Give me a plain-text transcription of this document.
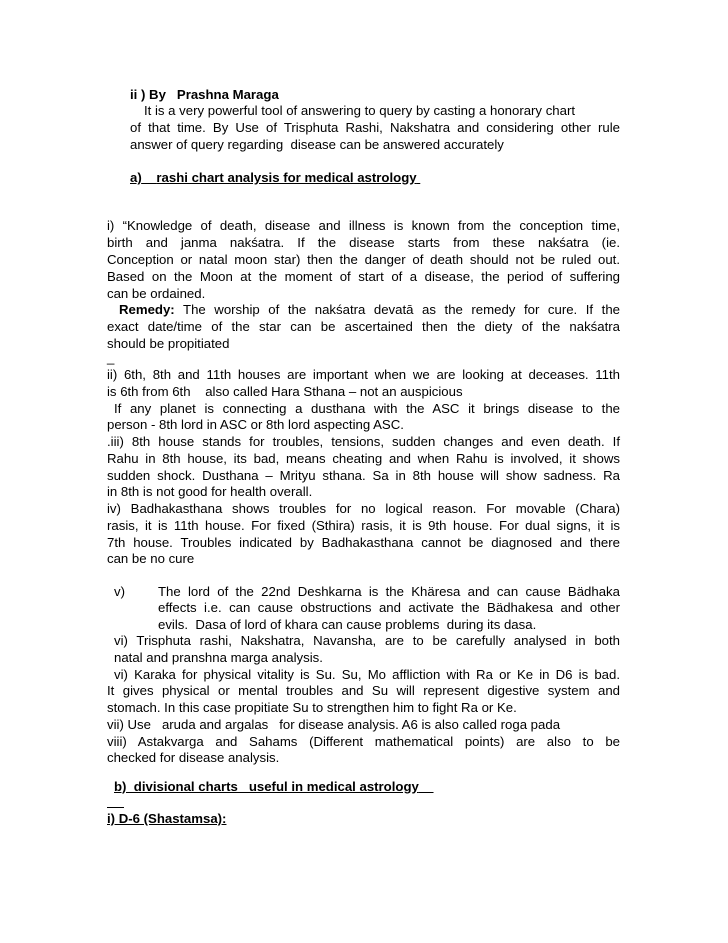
ii ) By   Prashna Maraga
It is a very powerful tool of answering to query by casting a honorary chart
of that time. By Use of Trisphuta Rashi, Nakshatra and considering other rule
answer of query regarding  disease can be answered accurately
a) rashi chart analysis for medical astrology
i) “Knowledge of death, disease and illness is known from the conception time,
birth and janma nakśatra. If the disease starts from these nakśatra (ie.
Conception or natal moon star) then the danger of death should not be ruled out.
Based on the Moon at the moment of start of a disease, the period of suffering
can be ordained.
Remedy: The worship of the nakśatra devatā as the remedy for cure. If the
exact date/time of the star can be ascertained then the diety of the nakśatra
should be propitiated
_
ii) 6th, 8th and 11th houses are important when we are looking at deceases. 11th
is 6th from 6th    also called Hara Sthana – not an auspicious
If any planet is connecting a dusthana with the ASC it brings disease to the
person - 8th lord in ASC or 8th lord aspecting ASC.
.iii) 8th house stands for troubles, tensions, sudden changes and even death. If
Rahu in 8th house, its bad, means cheating and when Rahu is involved, it shows
sudden shock. Dusthana – Mrityu sthana. Sa in 8th house will show sadness. Ra
in 8th is not good for health overall.
iv) Badhakasthana shows troubles for no logical reason. For movable (Chara)
rasis, it is 11th house. For fixed (Sthira) rasis, it is 9th house. For dual signs, it is
7th house. Troubles indicated by Badhakasthana cannot be diagnosed and there
can be no cure
v)	The lord of the 22nd Deshkarna is the Khäresa and can cause Bädhaka
effects i.e. can cause obstructions and activate the Bädhakesa and other
evils.  Dasa of lord of khara can cause problems  during its dasa.
vi) Trisphuta rashi, Nakshatra, Navansha, are to be carefully analysed in both
natal and pranshna marga analysis.
vi) Karaka for physical vitality is Su. Su, Mo affliction with Ra or Ke in D6 is bad.
It gives physical or mental troubles and Su will represent digestive system and
stomach. In this case propitiate Su to strengthen him to fight Ra or Ke.
vii) Use   aruda and argalas   for disease analysis. A6 is also called roga pada
viii) Astakvarga and Sahams (Different mathematical points) are also to be
checked for disease analysis.
b)  divisional charts   useful in medical astrology
i) D-6 (Shastamsa):
